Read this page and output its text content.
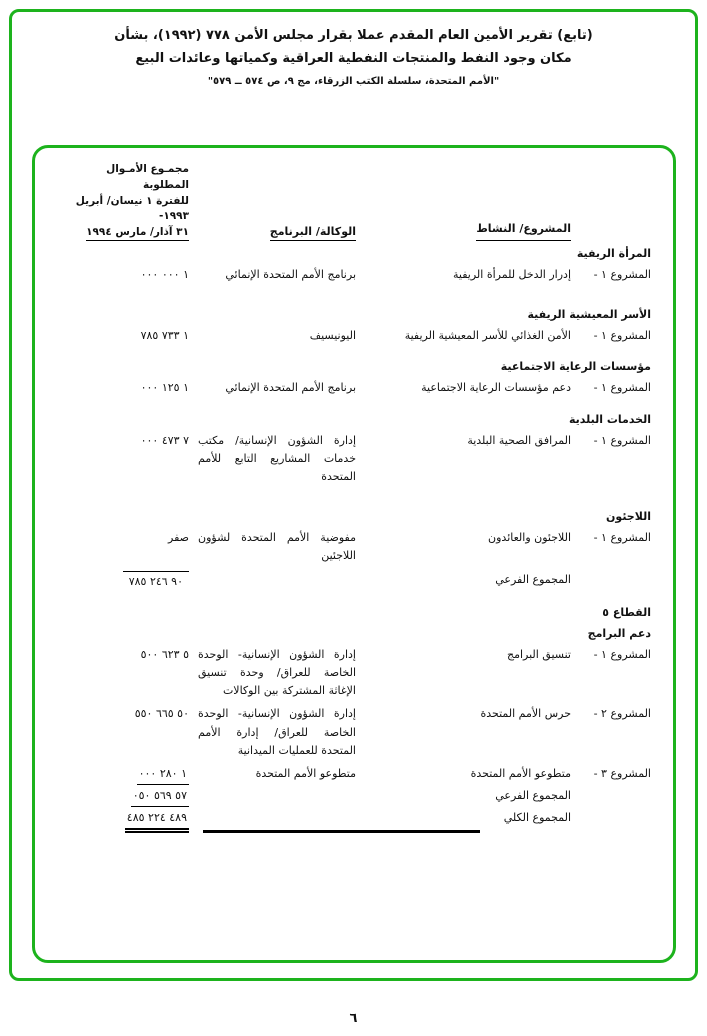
(تابع) تقرير الأمين العام المقدم عملا بقرار مجلس الأمن ٧٧٨ (١٩٩٢)، بشأن
مكان وجود النفط والمنتجات النفطية العراقية وكمياتها وعائدات البيع
"الأمم المتحدة، سلسلة الكتب الزرقاء، مج ٩، ص ٥٧٤ ــ ٥٧٩"
المشروع/ النشاط
الوكالة/ البرنامج
مجمـوع الأمـوال المطلوبة
للفترة ١ نيسان/ أبريل ١٩٩٣-
٣١ آذار/ مارس ١٩٩٤
المرأة الريفية
المشروع ١ -
إدرار الدخل للمرأة الريفية
برنامج الأمم المتحدة الإنمائي
١ ٠٠٠ ٠٠٠
الأسر المعيشية الريفية
المشروع ١ -
الأمن الغذائي للأسر المعيشية الريفية
اليونيسيف
١ ٧٣٣ ٧٨٥
مؤسسات الرعاية الاجتماعية
المشروع ١ -
دعم مؤسسات الرعاية الاجتماعية
برنامج الأمم المتحدة الإنمائي
١ ١٢٥ ٠٠٠
الخدمات البلدية
المشروع ١ -
المرافق الصحية البلدية
إدارة الشؤون الإنسانية/ مكتب خدمات المشاريع التابع للأمم المتحدة
٧ ٤٧٣ ٠٠٠
اللاجئون
المشروع ١ -
اللاجئون والعائدون
مفوضية الأمم المتحدة لشؤون اللاجئين
صفر
المجموع الفرعي
٩٠ ٢٤٦ ٧٨٥
القطاع ٥
دعم البرامج
المشروع ١ -
تنسيق البرامج
إدارة الشؤون الإنسانية- الوحدة الخاصة للعراق/ وحدة تنسيق الإغاثة المشتركة بين الوكالات
٥ ٦٢٣ ٥٠٠
المشروع ٢ -
حرس الأمم المتحدة
إدارة الشؤون الإنسانية- الوحدة الخاصة للعراق/ إدارة الأمم المتحدة للعمليات الميدانية
٥٠ ٦٦٥ ٥٥٠
المشروع ٣ -
متطوعو الأمم المتحدة
متطوعو الأمم المتحدة
١ ٢٨٠ ٠٠٠
المجموع الفرعي
٥٧ ٥٦٩ ٠٥٠
المجموع الكلي
٤٨٩ ٢٢٤ ٤٨٥
٦
